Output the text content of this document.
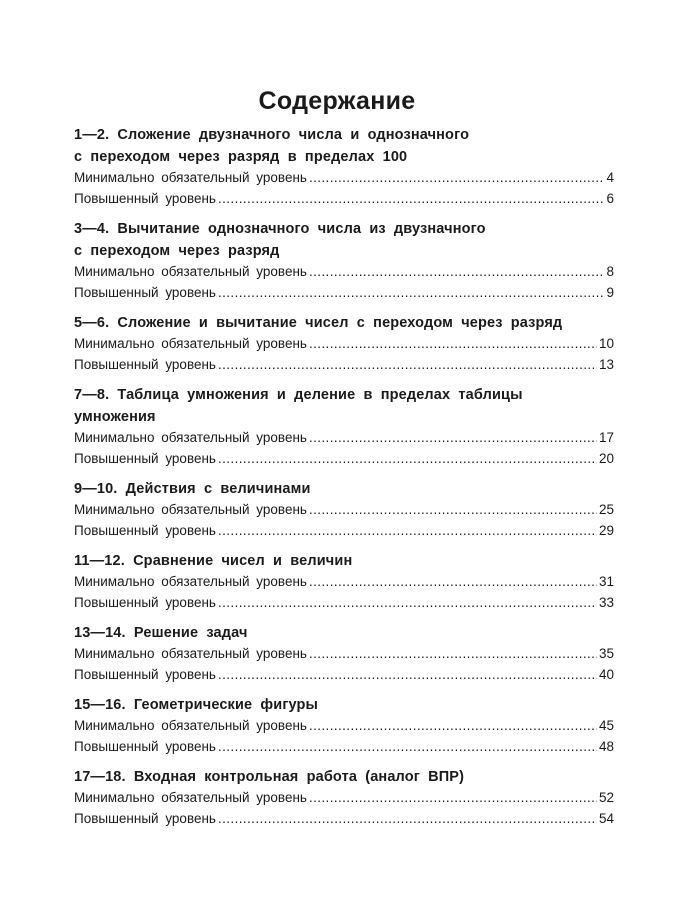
Содержание
1—2. Сложение двузначного числа и однозначного
с переходом через разряд в пределах 100
Минимально обязательный уровень .....	4
Повышенный уровень .....	6
3—4. Вычитание однозначного числа из двузначного
с переходом через разряд
Минимально обязательный уровень .....	8
Повышенный уровень .....	9
5—6. Сложение и вычитание чисел с переходом через разряд
Минимально обязательный уровень .....	10
Повышенный уровень .....	13
7—8. Таблица умножения и деление в пределах таблицы
умножения
Минимально обязательный уровень .....	17
Повышенный уровень .....	20
9—10. Действия с величинами
Минимально обязательный уровень .....	25
Повышенный уровень .....	29
11—12. Сравнение чисел и величин
Минимально обязательный уровень .....	31
Повышенный уровень .....	33
13—14. Решение задач
Минимально обязательный уровень .....	35
Повышенный уровень .....	40
15—16. Геометрические фигуры
Минимально обязательный уровень .....	45
Повышенный уровень .....	48
17—18. Входная контрольная работа (аналог ВПР)
Минимально обязательный уровень .....	52
Повышенный уровень .....	54
